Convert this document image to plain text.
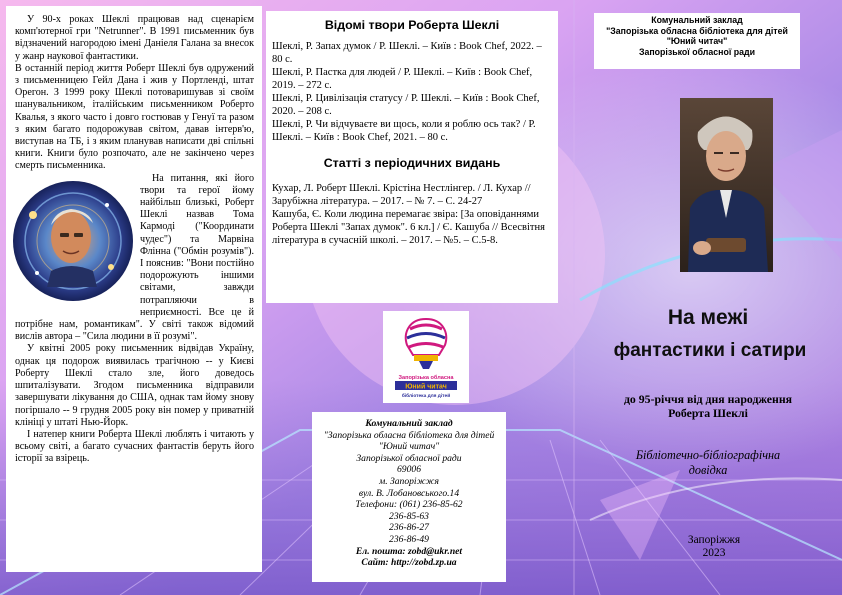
У 90-х роках Шеклі працював над сценарієм комп'ютерної гри "Netrunner". В 1991 письменник був відзначений нагородою імені Даніеля Галана за внесок у жанр наукової фантастики.

В останній період життя Роберт Шеклі був одружений з письменницею Гейл Дана і жив у Портленді, штат Орегон. З 1999 року Шеклі потоваришував зі своїм шанувальником, італійським письменником Роберто Квалья, з якого часто і довго гостював у Генуї та разом з яким багато подорожував світом, давав інтерв'ю, виступав на ТБ, і з яким планував написати дві спільні книги. Книги було розпочато, але не закінчено через смерть письменника.

На питання, які його твори та герої йому найбільш близькі, Роберт Шеклі назвав Тома Кармоді ("Координати чудес") та Марвіна Флінна ("Обмін розумів"). І пояснив: "Вони постійно подорожують іншими світами, завжди потрапляючи в неприємності. Все це й потрібне нам, романтикам". У світі також відомий вислів автора – "Сила людини в її розумі".

У квітні 2005 року письменник відвідав Україну, однак ця подорож виявилась трагічною -- у Києві Роберту Шеклі стало зле, його доведось шпиталізувати. Згодом письменника відправили завершувати лікування до США, однак там йому знову погіршало -- 9 грудня 2005 року він помер у приватній клініці у штаті Нью-Йорк.

І натепер книги Роберта Шеклі люблять і читають у всьому світі, а багато сучасних фантастів беруть його історії за взірець.

Відомі твори Роберта Шеклі

Шеклі, Р. Запах думок / Р. Шеклі. – Київ : Book Chef, 2022. – 80 с.

Шеклі, Р. Пастка для людей / Р. Шеклі. – Київ : Book Chef, 2019. – 272 с.

Шеклі, Р. Цивілізація статусу / Р. Шеклі. – Київ : Book Chef, 2020. – 208 с.

Шеклі, Р. Чи відчуваєте ви щось, коли я роблю ось так? / Р. Шеклі. – Київ : Book Chef, 2021. – 80 с.

Статті з періодичних видань

Кухар, Л. Роберт Шеклі. Крістіна Нестлінгер. / Л. Кухар // Зарубіжна література. – 2017. – № 7. – С. 24-27

Кашуба, Є. Коли людина перемагає звіра: [За оповіданнями Роберта Шеклі "Запах думок". 6 кл.] / Є. Кашуба // Всесвітня література в сучасній школі. – 2017. – №5. – С.5-8.

Запорізька обласна
Юний читач
бібліотека для дітей
Комунальний заклад
"Запорізька обласна бібліотека для дітей
"Юний читач"
Запорізької обласної ради
69006
м. Запоріжжя
вул. В. Лобановського.14
Телефони: (061) 236-85-62
236-85-63
236-86-27
236-86-49
Ел. пошта: zobd@ukr.net
Сайт: http://zobd.zp.ua
Комунальний заклад
"Запорізька обласна бібліотека для дітей
"Юний читач"
Запорізької обласної ради
На межі
фантастики і сатири
до 95-річчя від дня народження Роберта Шеклі
Бібліотечно-бібліографічна довідка
Запоріжжя
2023
